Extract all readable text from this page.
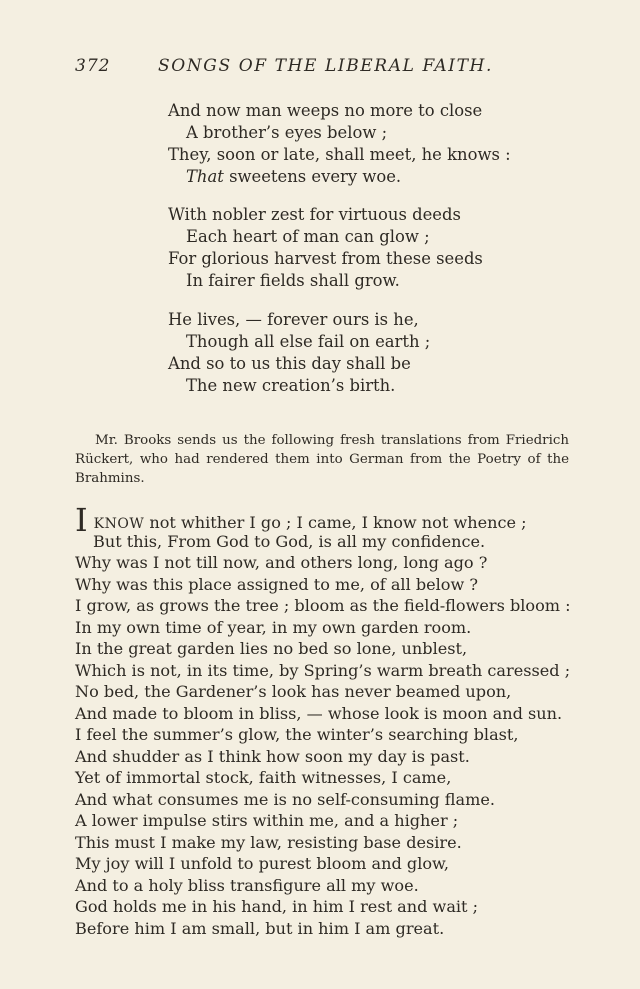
372	SONGS OF THE LIBERAL FAITH.
And now man weeps no more to close
A brother’s eyes below ;
They, soon or late, shall meet, he knows :
That sweetens every woe.
With nobler zest for virtuous deeds
Each heart of man can glow ;
For glorious harvest from these seeds
In fairer fields shall grow.
He lives, — forever ours is he,
Though all else fail on earth ;
And so to us this day shall be
The new creation’s birth.
Mr. Brooks sends us the following fresh translations from Friedrich Rückert, who had rendered them into German from the Poetry of the Brahmins.
IKNOW not whither I go ; I came, I know not whence ;
But this, From God to God, is all my confidence.
Why was I not till now, and others long, long ago ?
Why was this place assigned to me, of all below ?
I grow, as grows the tree ; bloom as the field-flowers bloom :
In my own time of year, in my own garden room.
In the great garden lies no bed so lone, unblest,
Which is not, in its time, by Spring’s warm breath caressed ;
No bed, the Gardener’s look has never beamed upon,
And made to bloom in bliss, — whose look is moon and sun.
I feel the summer’s glow, the winter’s searching blast,
And shudder as I think how soon my day is past.
Yet of immortal stock, faith witnesses, I came,
And what consumes me is no self-consuming flame.
A lower impulse stirs within me, and a higher ;
This must I make my law, resisting base desire.
My joy will I unfold to purest bloom and glow,
And to a holy bliss transfigure all my woe.
God holds me in his hand, in him I rest and wait ;
Before him I am small, but in him I am great.
